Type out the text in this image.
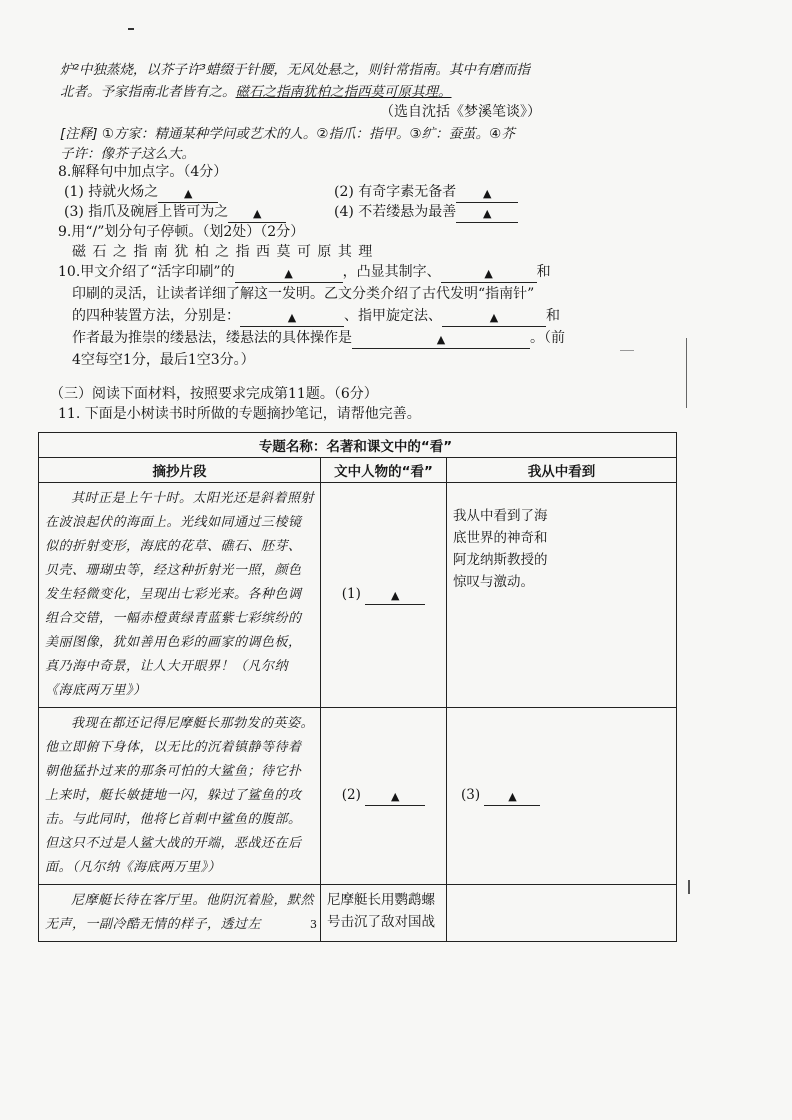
炉²中独蒸烧，以芥子许³蜡缀于针腰，无风处悬之，则针常指南。其中有磨而指
北者。予家指南北者皆有之。磁石之指南犹柏之指西莫可原其理。
（选自沈括《梦溪笔谈》）
[注释] ①方家：精通某种学问或艺术的人。②指爪：指甲。③纩：蚕茧。④芥
子许：像芥子这么大。
8.解释句中加点字。（4分）
(1) 持就火炀之 ▲	(2) 有奇字素无备者 ▲
(3) 指爪及碗唇上皆可为之 ▲	(4) 不若缕悬为最善 ▲
9.用“/”划分句子停顿。（划2处）（2分）
磁 石 之 指 南 犹 柏 之 指 西 莫 可 原 其 理
10.甲文介绍了“活字印刷”的	▲	，凸显其制字、	▲	和
印刷的灵活，让读者详细了解这一发明。乙文分类介绍了古代发明“指南针”
的四种装置方法，分别是：	▲	、指甲旋定法、	▲	和
作者最为推崇的缕悬法，缕悬法的具体操作是	▲	。（前
4空每空1分，最后1空3分。）
（三）阅读下面材料，按照要求完成第11题。（6分）
11. 下面是小树读书时所做的专题摘抄笔记，请帮他完善。
专题名称：名著和课文中的“看”		
摘抄片段	文中人物的“看”	我从中看到
其时正是上午十时。太阳光还是斜着照射在波浪起伏的海面上。光线如同通过三棱镜似的折射变形，海底的花草、礁石、胚芽、贝壳、珊瑚虫等，经这种折射光一照，颜色发生轻微变化，呈现出七彩光来。各种色调组合交错，一幅赤橙黄绿青蓝紫七彩缤纷的美丽图像，犹如善用色彩的画家的调色板，真乃海中奇景，让人大开眼界！（凡尔纳《海底两万里》）	(1) ▲	我从中看到了海底世界的神奇和阿龙纳斯教授的惊叹与激动。
我现在都还记得尼摩艇长那勃发的英姿。他立即俯下身体，以无比的沉着镇静等待着朝他猛扑过来的那条可怕的大鲨鱼；待它扑上来时，艇长敏捷地一闪，躲过了鲨鱼的攻击。与此同时，他将匕首刺中鲨鱼的腹部。但这只不过是人鲨大战的开端，恶战还在后面。（凡尔纳《海底两万里》）	(2) ▲	(3) ▲
尼摩艇长待在客厅里。他阴沉着脸，默然无声，一副冷酷无情的样子，透过左	尼摩艇长用鹦鹉螺号击沉了敌对国战	
3
